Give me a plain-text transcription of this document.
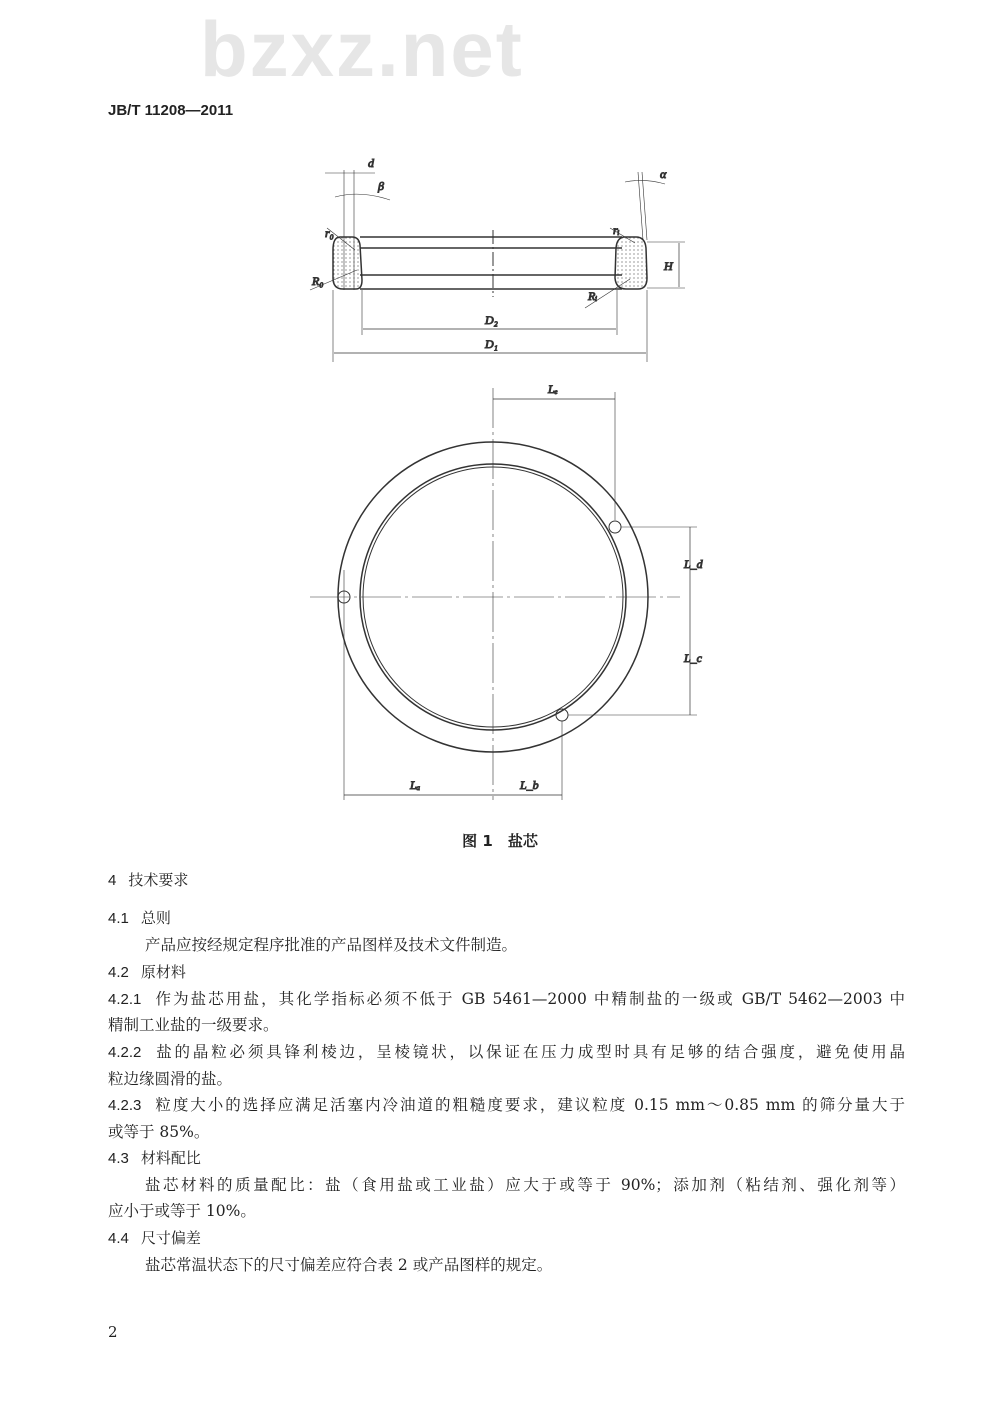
bzxz.net
JB/T 11208—2011
d
β
α
r₀
R₀
rᵢ
Rᵢ
H
D₂
D₁
Lₑ
L_d
L_c
Lₐ	L_b
图 1　盐芯
4 技术要求
4.1 总则
产品应按经规定程序批准的产品图样及技术文件制造。
4.2 原材料
4.2.1 作为盐芯用盐，其化学指标必须不低于 GB 5461—2000 中精制盐的一级或 GB/T 5462—2003 中
精制工业盐的一级要求。
4.2.2 盐的晶粒必须具锋利棱边，呈棱镜状，以保证在压力成型时具有足够的结合强度，避免使用晶
粒边缘圆滑的盐。
4.2.3 粒度大小的选择应满足活塞内冷油道的粗糙度要求，建议粒度 0.15 mm～0.85 mm 的筛分量大于
或等于 85%。
4.3 材料配比
盐芯材料的质量配比：盐（食用盐或工业盐）应大于或等于 90%；添加剂（粘结剂、强化剂等）
应小于或等于 10%。
4.4 尺寸偏差
盐芯常温状态下的尺寸偏差应符合表 2 或产品图样的规定。
2
